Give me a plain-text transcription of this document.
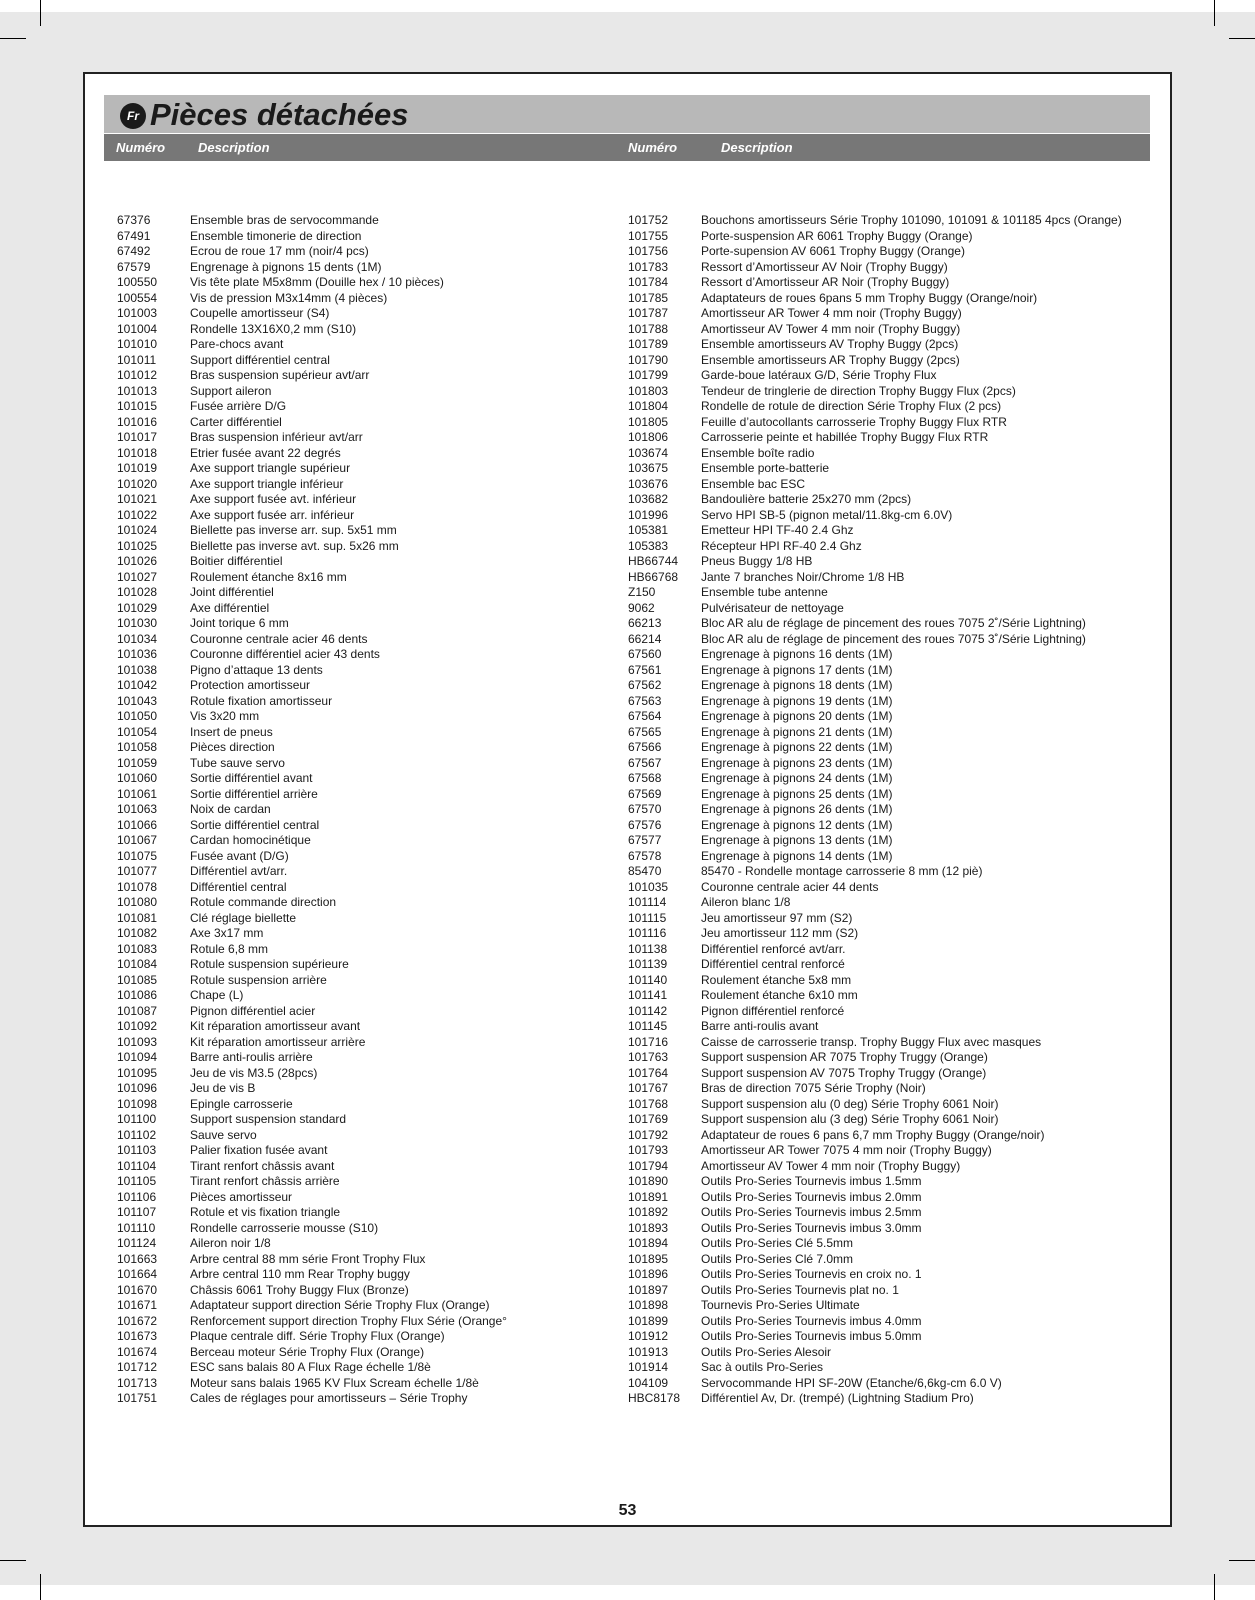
Fr Pièces détachées
Numéro	Description	Numéro	Description
67376	Ensemble bras de servocommande
67491	Ensemble timonerie de direction
67492	Ecrou de roue 17 mm (noir/4 pcs)
67579	Engrenage à pignons 15 dents (1M)
100550	Vis tête plate M5x8mm (Douille hex / 10 pièces)
100554	Vis de pression M3x14mm (4 pièces)
101003	Coupelle amortisseur (S4)
101004	Rondelle 13X16X0,2 mm (S10)
101010	Pare-chocs avant
101011	Support différentiel central
101012	Bras suspension supérieur avt/arr
101013	Support aileron
101015	Fusée arrière D/G
101016	Carter différentiel
101017	Bras suspension inférieur avt/arr
101018	Etrier fusée avant 22 degrés
101019	Axe support triangle supérieur
101020	Axe support triangle inférieur
101021	Axe support fusée avt. inférieur
101022	Axe support fusée arr. inférieur
101024	Biellette pas inverse arr. sup. 5x51 mm
101025	Biellette pas inverse avt. sup. 5x26 mm
101026	Boitier différentiel
101027	Roulement étanche 8x16 mm
101028	Joint différentiel
101029	Axe différentiel
101030	Joint torique 6 mm
101034	Couronne centrale acier 46 dents
101036	Couronne différentiel acier 43 dents
101038	Pigno d’attaque 13 dents
101042	Protection amortisseur
101043	Rotule fixation amortisseur
101050	Vis 3x20 mm
101054	Insert de pneus
101058	Pièces direction
101059	Tube sauve servo
101060	Sortie différentiel avant
101061	Sortie différentiel arrière
101063	Noix de cardan
101066	Sortie différentiel central
101067	Cardan homocinétique
101075	Fusée avant (D/G)
101077	Différentiel avt/arr.
101078	Différentiel central
101080	Rotule commande direction
101081	Clé réglage biellette
101082	Axe 3x17 mm
101083	Rotule 6,8 mm
101084	Rotule suspension supérieure
101085	Rotule suspension arrière
101086	Chape (L)
101087	Pignon différentiel acier
101092	Kit réparation amortisseur avant
101093	Kit réparation amortisseur arrière
101094	Barre anti-roulis arrière
101095	Jeu de vis M3.5 (28pcs)
101096	Jeu de vis B
101098	Epingle carrosserie
101100	Support suspension standard
101102	Sauve servo
101103	Palier fixation fusée avant
101104	Tirant renfort châssis avant
101105	Tirant renfort châssis arrière
101106	Pièces amortisseur
101107	Rotule et vis fixation triangle
101110	Rondelle carrosserie mousse (S10)
101124	Aileron noir 1/8
101663	Arbre central 88 mm série Front Trophy Flux
101664	Arbre central 110 mm Rear Trophy buggy
101670	Châssis 6061 Trohy Buggy Flux (Bronze)
101671	Adaptateur support direction Série Trophy Flux (Orange)
101672	Renforcement support direction Trophy Flux Série (Orange°
101673	Plaque centrale diff. Série Trophy Flux (Orange)
101674	Berceau moteur Série Trophy Flux (Orange)
101712	ESC sans balais 80 A Flux Rage échelle 1/8è
101713	Moteur sans balais 1965 KV Flux Scream échelle 1/8è
101751	Cales de réglages pour amortisseurs – Série Trophy
101752	Bouchons amortisseurs Série Trophy 101090, 101091 & 101185 4pcs (Orange)
101755	Porte-suspension AR 6061 Trophy Buggy (Orange)
101756	Porte-supension AV 6061 Trophy Buggy (Orange)
101783	Ressort d’Amortisseur AV Noir (Trophy Buggy)
101784	Ressort d’Amortisseur AR Noir (Trophy Buggy)
101785	Adaptateurs de roues 6pans 5 mm Trophy Buggy (Orange/noir)
101787	Amortisseur AR Tower 4 mm noir (Trophy Buggy)
101788	Amortisseur AV Tower 4 mm noir (Trophy Buggy)
101789	Ensemble amortisseurs AV Trophy Buggy (2pcs)
101790	Ensemble amortisseurs AR Trophy Buggy (2pcs)
101799	Garde-boue latéraux G/D, Série Trophy Flux
101803	Tendeur de tringlerie de direction Trophy Buggy Flux (2pcs)
101804	Rondelle de rotule de direction Série Trophy Flux (2 pcs)
101805	Feuille d’autocollants carrosserie Trophy Buggy Flux RTR
101806	Carrosserie peinte et habillée Trophy Buggy Flux RTR
103674	Ensemble boîte radio
103675	Ensemble porte-batterie
103676	Ensemble bac ESC
103682	Bandoulière batterie 25x270 mm (2pcs)
101996	Servo HPI SB-5 (pignon metal/11.8kg-cm 6.0V)
105381	Emetteur HPI TF-40 2.4 Ghz
105383	Récepteur HPI RF-40 2.4 Ghz
HB66744 Pneus Buggy 1/8 HB
HB66768 Jante 7 branches Noir/Chrome 1/8 HB
Z150	Ensemble tube antenne
9062	Pulvérisateur de nettoyage
66213	Bloc AR alu de réglage de pincement des roues 7075 2˚/Série Lightning)
66214	Bloc AR alu de réglage de pincement des roues 7075 3˚/Série Lightning)
67560	Engrenage à pignons 16 dents (1M)
67561	Engrenage à pignons 17 dents (1M)
67562	Engrenage à pignons 18 dents (1M)
67563	Engrenage à pignons 19 dents (1M)
67564	Engrenage à pignons 20 dents (1M)
67565	Engrenage à pignons 21 dents (1M)
67566	Engrenage à pignons 22 dents (1M)
67567	Engrenage à pignons 23 dents (1M)
67568	Engrenage à pignons 24 dents (1M)
67569	Engrenage à pignons 25 dents (1M)
67570	Engrenage à pignons 26 dents (1M)
67576	Engrenage à pignons 12 dents (1M)
67577	Engrenage à pignons 13 dents (1M)
67578	Engrenage à pignons 14 dents (1M)
85470	85470 - Rondelle montage carrosserie 8 mm (12 piè)
101035	Couronne centrale acier 44 dents
101114	Aileron blanc 1/8
101115	Jeu amortisseur 97 mm (S2)
101116	Jeu amortisseur 112 mm (S2)
101138	Différentiel renforcé avt/arr.
101139	Différentiel central renforcé
101140	Roulement étanche 5x8 mm
101141	Roulement étanche 6x10 mm
101142	Pignon différentiel renforcé
101145	Barre anti-roulis avant
101716	Caisse de carrosserie transp. Trophy Buggy Flux avec masques
101763	Support suspension AR 7075 Trophy Truggy (Orange)
101764	Support suspension AV 7075 Trophy Truggy (Orange)
101767	Bras de direction 7075 Série Trophy (Noir)
101768	Support suspension alu (0 deg) Série Trophy 6061 Noir)
101769	Support suspension alu (3 deg) Série Trophy 6061 Noir)
101792	Adaptateur de roues 6 pans 6,7 mm Trophy Buggy (Orange/noir)
101793	Amortisseur AR Tower 7075 4 mm noir (Trophy Buggy)
101794	Amortisseur AV Tower 4 mm noir (Trophy Buggy)
101890	Outils Pro-Series Tournevis imbus 1.5mm
101891	Outils Pro-Series Tournevis imbus 2.0mm
101892	Outils Pro-Series Tournevis imbus 2.5mm
101893	Outils Pro-Series Tournevis imbus 3.0mm
101894	Outils Pro-Series Clé 5.5mm
101895	Outils Pro-Series Clé 7.0mm
101896	Outils Pro-Series Tournevis en croix no. 1
101897	Outils Pro-Series Tournevis plat no. 1
101898	Tournevis Pro-Series Ultimate
101899	Outils Pro-Series Tournevis imbus 4.0mm
101912	Outils Pro-Series Tournevis imbus 5.0mm
101913	Outils Pro-Series Alesoir
101914	Sac à outils Pro-Series
104109	Servocommande HPI SF-20W (Etanche/6,6kg-cm 6.0 V)
HBC8178 Différentiel Av, Dr. (trempé) (Lightning Stadium Pro)
53
